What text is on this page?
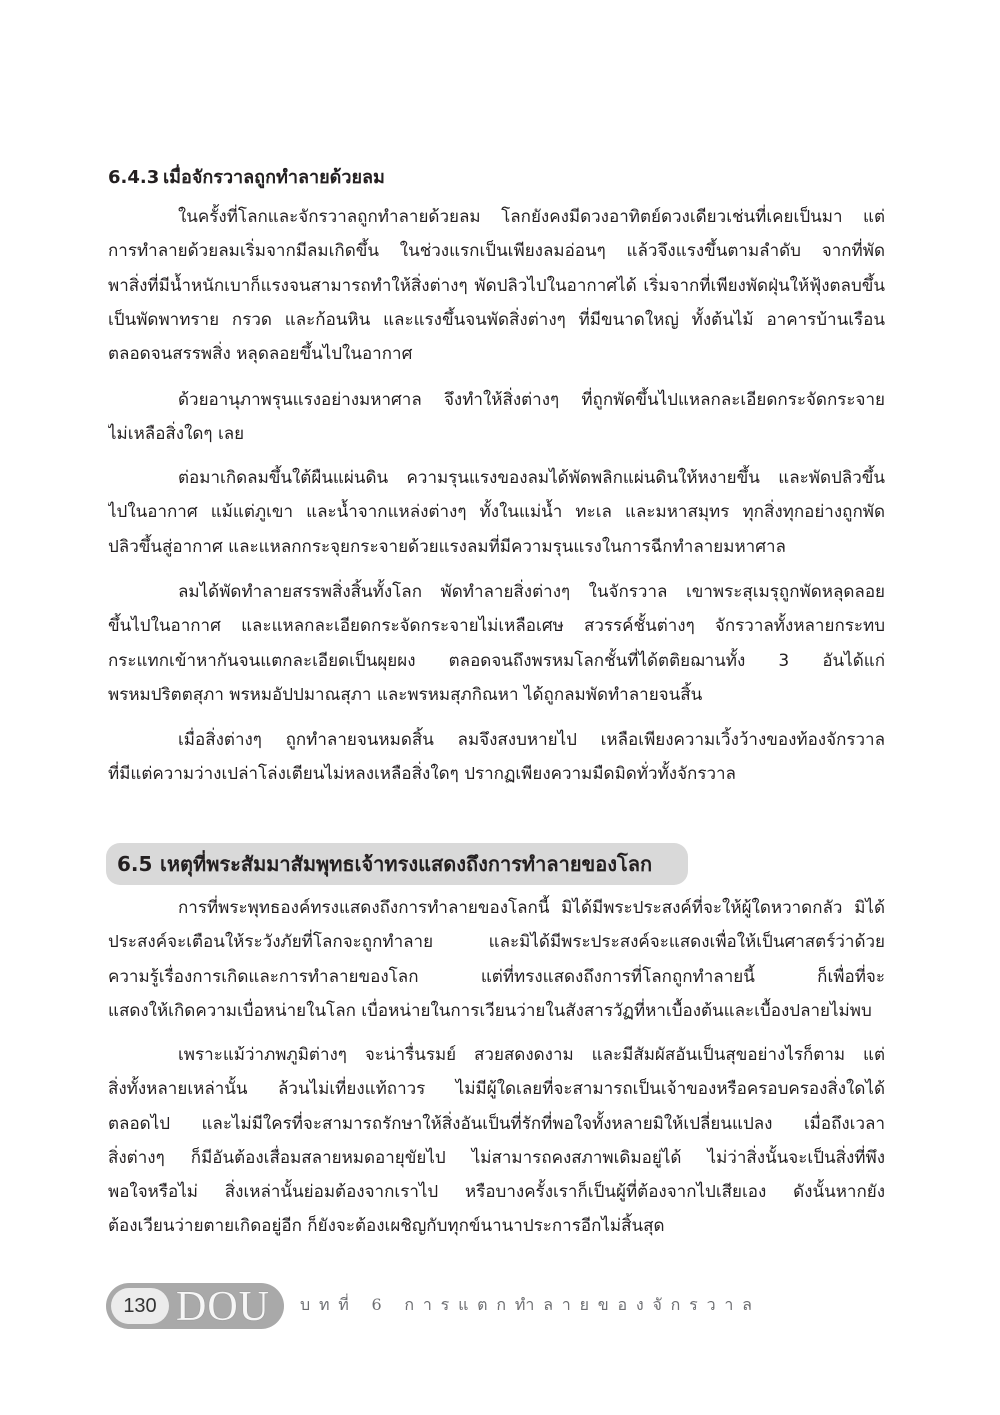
6.4.3 เมื่อจักรวาลถูกทำลายด้วยลม
ในครั้งที่โลกและจักรวาลถูกทำลายด้วยลม โลกยังคงมีดวงอาทิตย์ดวงเดียวเช่นที่เคยเป็นมา แต่
การทำลายด้วยลมเริ่มจากมีลมเกิดขึ้น ในช่วงแรกเป็นเพียงลมอ่อนๆ แล้วจึงแรงขึ้นตามลำดับ จากที่พัด
พาสิ่งที่มีน้ำหนักเบาก็แรงจนสามารถทำให้สิ่งต่างๆ พัดปลิวไปในอากาศได้ เริ่มจากที่เพียงพัดฝุ่นให้ฟุ้งตลบขึ้น
เป็นพัดพาทราย กรวด และก้อนหิน และแรงขึ้นจนพัดสิ่งต่างๆ ที่มีขนาดใหญ่ ทั้งต้นไม้ อาคารบ้านเรือน
ตลอดจนสรรพสิ่ง หลุดลอยขึ้นไปในอากาศ
ด้วยอานุภาพรุนแรงอย่างมหาศาล จึงทำให้สิ่งต่างๆ ที่ถูกพัดขึ้นไปแหลกละเอียดกระจัดกระจาย
ไม่เหลือสิ่งใดๆ เลย
ต่อมาเกิดลมขึ้นใต้ผืนแผ่นดิน ความรุนแรงของลมได้พัดพลิกแผ่นดินให้หงายขึ้น และพัดปลิวขึ้น
ไปในอากาศ แม้แต่ภูเขา และน้ำจากแหล่งต่างๆ ทั้งในแม่น้ำ ทะเล และมหาสมุทร ทุกสิ่งทุกอย่างถูกพัด
ปลิวขึ้นสู่อากาศ และแหลกกระจุยกระจายด้วยแรงลมที่มีความรุนแรงในการฉีกทำลายมหาศาล
ลมได้พัดทำลายสรรพสิ่งสิ้นทั้งโลก พัดทำลายสิ่งต่างๆ ในจักรวาล เขาพระสุเมรุถูกพัดหลุดลอย
ขึ้นไปในอากาศ และแหลกละเอียดกระจัดกระจายไม่เหลือเศษ สวรรค์ชั้นต่างๆ จักรวาลทั้งหลายกระทบ
กระแทกเข้าหากันจนแตกละเอียดเป็นผุยผง ตลอดจนถึงพรหมโลกชั้นที่ได้ตติยฌานทั้ง 3 อันได้แก่
พรหมปริตตสุภา พรหมอัปปมาณสุภา และพรหมสุภกิณหา ได้ถูกลมพัดทำลายจนสิ้น
เมื่อสิ่งต่างๆ ถูกทำลายจนหมดสิ้น ลมจึงสงบหายไป เหลือเพียงความเวิ้งว้างของท้องจักรวาล
ที่มีแต่ความว่างเปล่าโล่งเตียนไม่หลงเหลือสิ่งใดๆ ปรากฏเพียงความมืดมิดทั่วทั้งจักรวาล
6.5 เหตุที่พระสัมมาสัมพุทธเจ้าทรงแสดงถึงการทำลายของโลก
การที่พระพุทธองค์ทรงแสดงถึงการทำลายของโลกนี้ มิได้มีพระประสงค์ที่จะให้ผู้ใดหวาดกลัว มิได้
ประสงค์จะเตือนให้ระวังภัยที่โลกจะถูกทำลาย และมิได้มีพระประสงค์จะแสดงเพื่อให้เป็นศาสตร์ว่าด้วย
ความรู้เรื่องการเกิดและการทำลายของโลก แต่ที่ทรงแสดงถึงการที่โลกถูกทำลายนี้ ก็เพื่อที่จะ
แสดงให้เกิดความเบื่อหน่ายในโลก เบื่อหน่ายในการเวียนว่ายในสังสารวัฏที่หาเบื้องต้นและเบื้องปลายไม่พบ
เพราะแม้ว่าภพภูมิต่างๆ จะน่ารื่นรมย์ สวยสดงดงาม และมีสัมผัสอันเป็นสุขอย่างไรก็ตาม แต่
สิ่งทั้งหลายเหล่านั้น ล้วนไม่เที่ยงแท้ถาวร ไม่มีผู้ใดเลยที่จะสามารถเป็นเจ้าของหรือครอบครองสิ่งใดได้
ตลอดไป และไม่มีใครที่จะสามารถรักษาให้สิ่งอันเป็นที่รักที่พอใจทั้งหลายมิให้เปลี่ยนแปลง เมื่อถึงเวลา
สิ่งต่างๆ ก็มีอันต้องเสื่อมสลายหมดอายุขัยไป ไม่สามารถคงสภาพเดิมอยู่ได้ ไม่ว่าสิ่งนั้นจะเป็นสิ่งที่พึง
พอใจหรือไม่ สิ่งเหล่านั้นย่อมต้องจากเราไป หรือบางครั้งเราก็เป็นผู้ที่ต้องจากไปเสียเอง ดังนั้นหากยัง
ต้องเวียนว่ายตายเกิดอยู่อีก ก็ยังจะต้องเผชิญกับทุกข์นานาประการอีกไม่สิ้นสุด
130 DOU บทที่ 6 การแตกทำลายของจักรวาล
